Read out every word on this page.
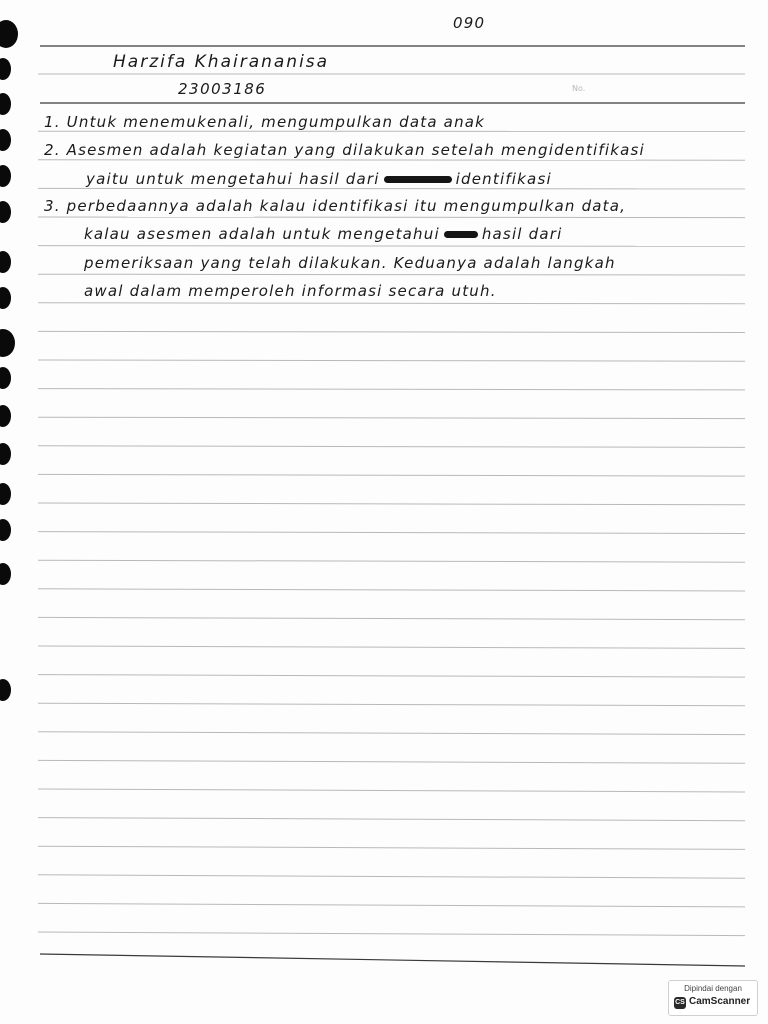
090
Harzifa Khairananisa
23003186	No.
1. Untuk menemukenali, mengumpulkan data anak
2. Asesmen adalah kegiatan yang dilakukan setelah mengidentifikasi
yaitu untuk mengetahui hasil dari	identifikasi
3. perbedaannya adalah kalau identifikasi itu mengumpulkan data,
kalau asesmen adalah untuk mengetahui	hasil dari
pemeriksaan yang telah dilakukan. Keduanya adalah langkah
awal dalam memperoleh informasi secara utuh.
Dipindai dengan
CS CamScanner
